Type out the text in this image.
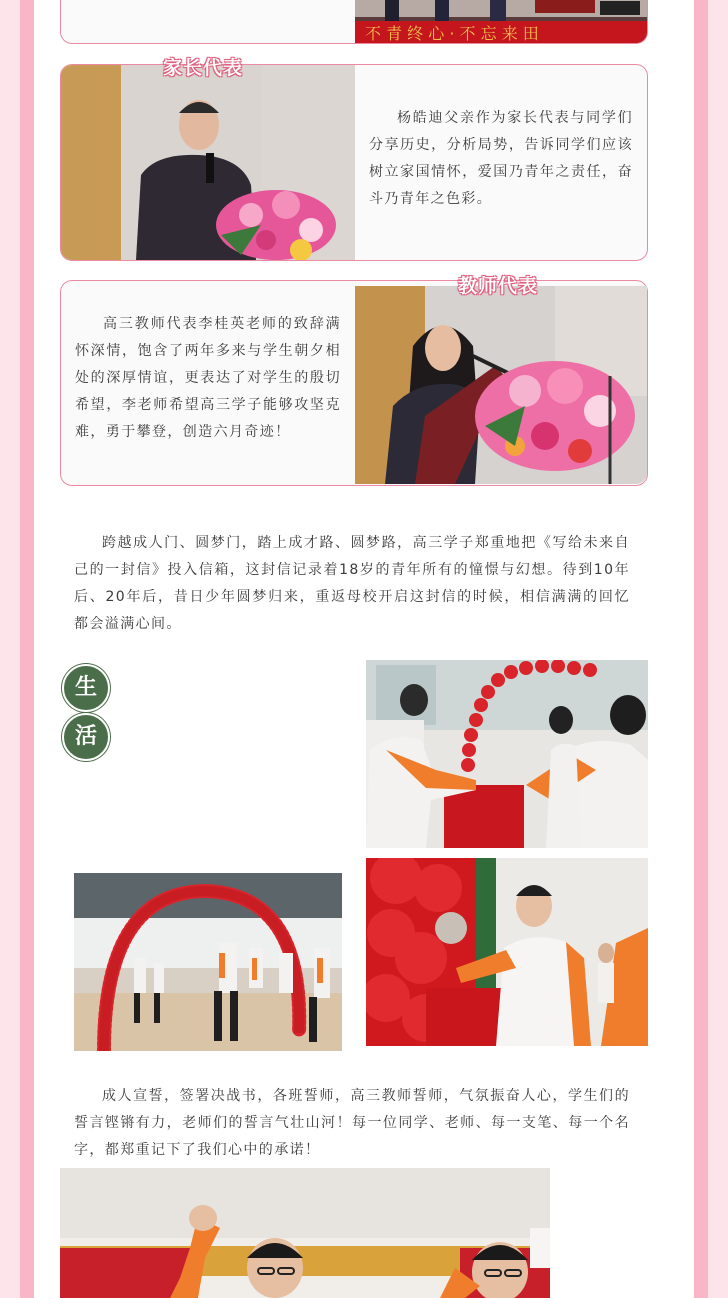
不 青 终 心 · 不 忘 来 田
家长代表

杨皓迪父亲作为家长代表与同学们分享历史，分析局势，告诉同学们应该树立家国情怀，爱国乃青年之责任，奋斗乃青年之色彩。

高三教师代表李桂英老师的致辞满怀深情，饱含了两年多来与学生朝夕相处的深厚情谊，更表达了对学生的殷切希望，李老师希望高三学子能够攻坚克难，勇于攀登，创造六月奇迹！

教师代表

跨越成人门、圆梦门，踏上成才路、圆梦路，高三学子郑重地把《写给未来自己的一封信》投入信箱，这封信记录着18岁的青年所有的憧憬与幻想。待到10年后、20年后，昔日少年圆梦归来，重返母校开启这封信的时候，相信满满的回忆都会溢满心间。

生
活

成人宣誓，签署决战书，各班誓师，高三教师誓师，气氛振奋人心，学生们的誓言铿锵有力，老师们的誓言气壮山河！每一位同学、老师、每一支笔、每一个名字，都郑重记下了我们心中的承诺！
